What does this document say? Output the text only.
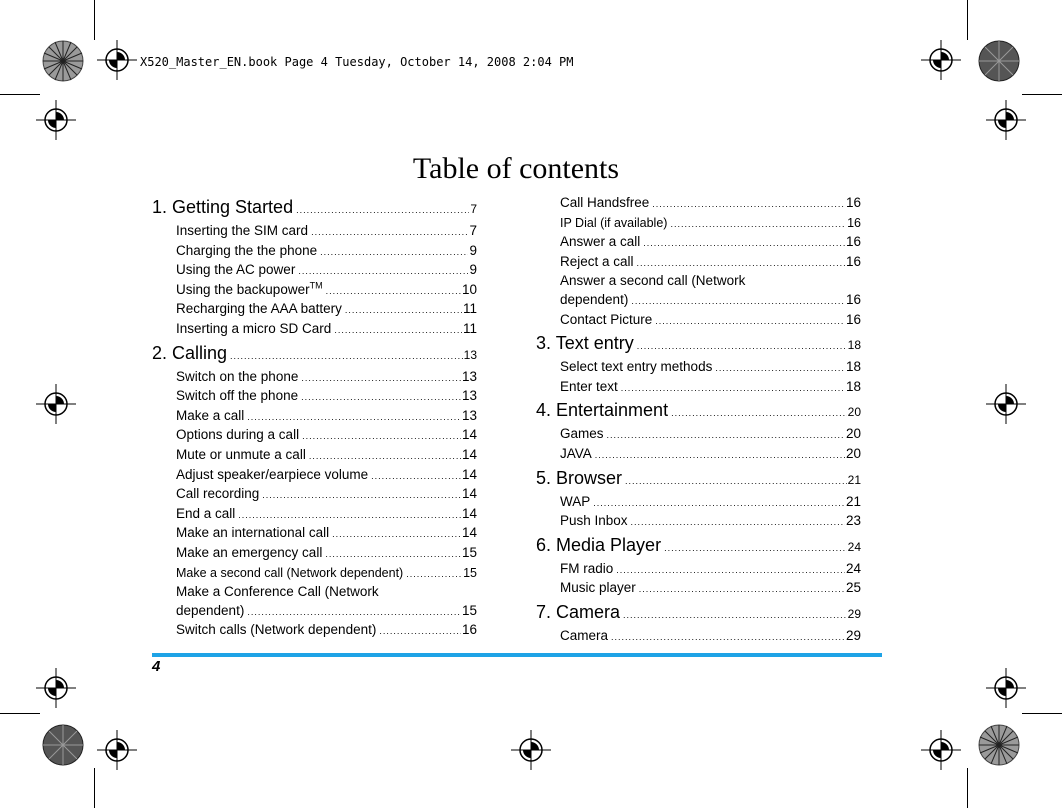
X520_Master_EN.book Page 4 Tuesday, October 14, 2008 2:04 PM
Table of contents
1. Getting Started .....	7
Inserting the SIM card .....	7
Charging the the phone .....	9
Using the AC power .....	9
Using the backupower™ .....	10
Recharging the AAA battery .....	11
Inserting a micro SD Card .....	11
2. Calling .....	13
Switch on the phone .....	13
Switch off the phone .....	13
Make a call .....	13
Options during a call .....	14
Mute or unmute a call .....	14
Adjust speaker/earpiece volume .....	14
Call recording .....	14
End a call .....	14
Make an international call .....	14
Make an emergency call .....	15
Make a second call (Network dependent) .....	15
Make a Conference Call (Network
dependent) .....	15
Switch calls (Network dependent) .....	16
Call Handsfree .....	16
IP Dial (if available) .....	16
Answer a call .....	16
Reject a call .....	16
Answer a second call (Network
dependent) .....	16
Contact Picture .....	16
3. Text entry .....	18
Select text entry methods .....	18
Enter text .....	18
4. Entertainment .....	20
Games .....	20
JAVA .....	20
5. Browser .....	21
WAP .....	21
Push Inbox .....	23
6. Media Player .....	24
FM radio .....	24
Music player .....	25
7. Camera .....	29
Camera .....	29
4
